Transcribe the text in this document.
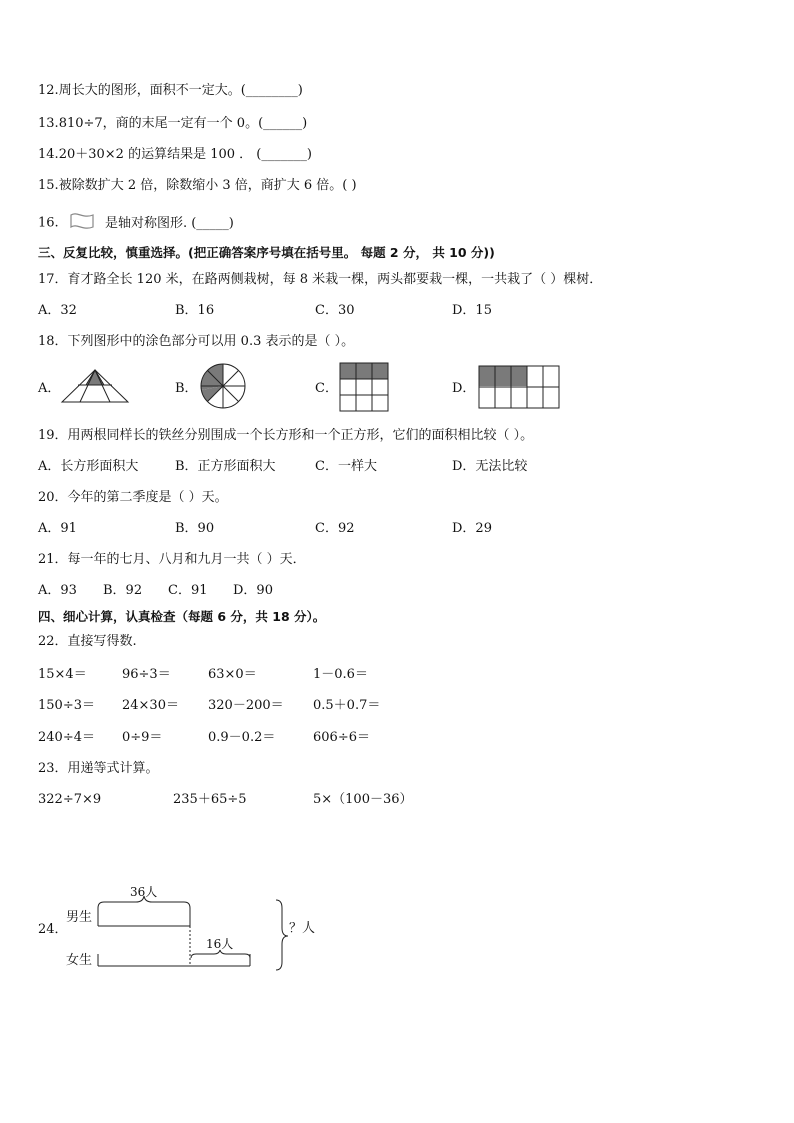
12.周长大的图形，面积不一定大。(________)
13.810÷7，商的末尾一定有一个 0。(______)
14.20＋30×2 的运算结果是 100 ． (_______)
15.被除数扩大 2 倍，除数缩小 3 倍，商扩大 6 倍。( )
16.	是轴对称图形. (_____)
三、反复比较，慎重选择。(把正确答案序号填在括号里。 每题 2 分， 共 10 分))
17．育才路全长 120 米，在路两侧栽树，每 8 米栽一棵，两头都要栽一棵，一共栽了（ ）棵树．
A．32	B．16	C．30	D．15
18．下列图形中的涂色部分可以用 0.3 表示的是（ ）。
A．	B．	C．	D．
19．用两根同样长的铁丝分别围成一个长方形和一个正方形，它们的面积相比较（ ）。
A．长方形面积大	B．正方形面积大	C．一样大	D．无法比较
20．今年的第二季度是（ ）天。
A．91	B．90	C．92	D．29
21．每一年的七月、八月和九月一共（ ）天．
A．93 B．92 C．91 D．90
四、细心计算，认真检查（每题 6 分，共 18 分）。
22．直接写得数.
15×4＝	96÷3＝	63×0＝	1－0.6＝
150÷3＝ 24×30＝ 320－200＝ 0.5＋0.7＝
240÷4＝ 0÷9＝	0.9－0.2＝	606÷6＝
23．用递等式计算。
322÷7×9	235＋65÷5	5×（100－36）
24．
男生
女生
36人
16人
？人
